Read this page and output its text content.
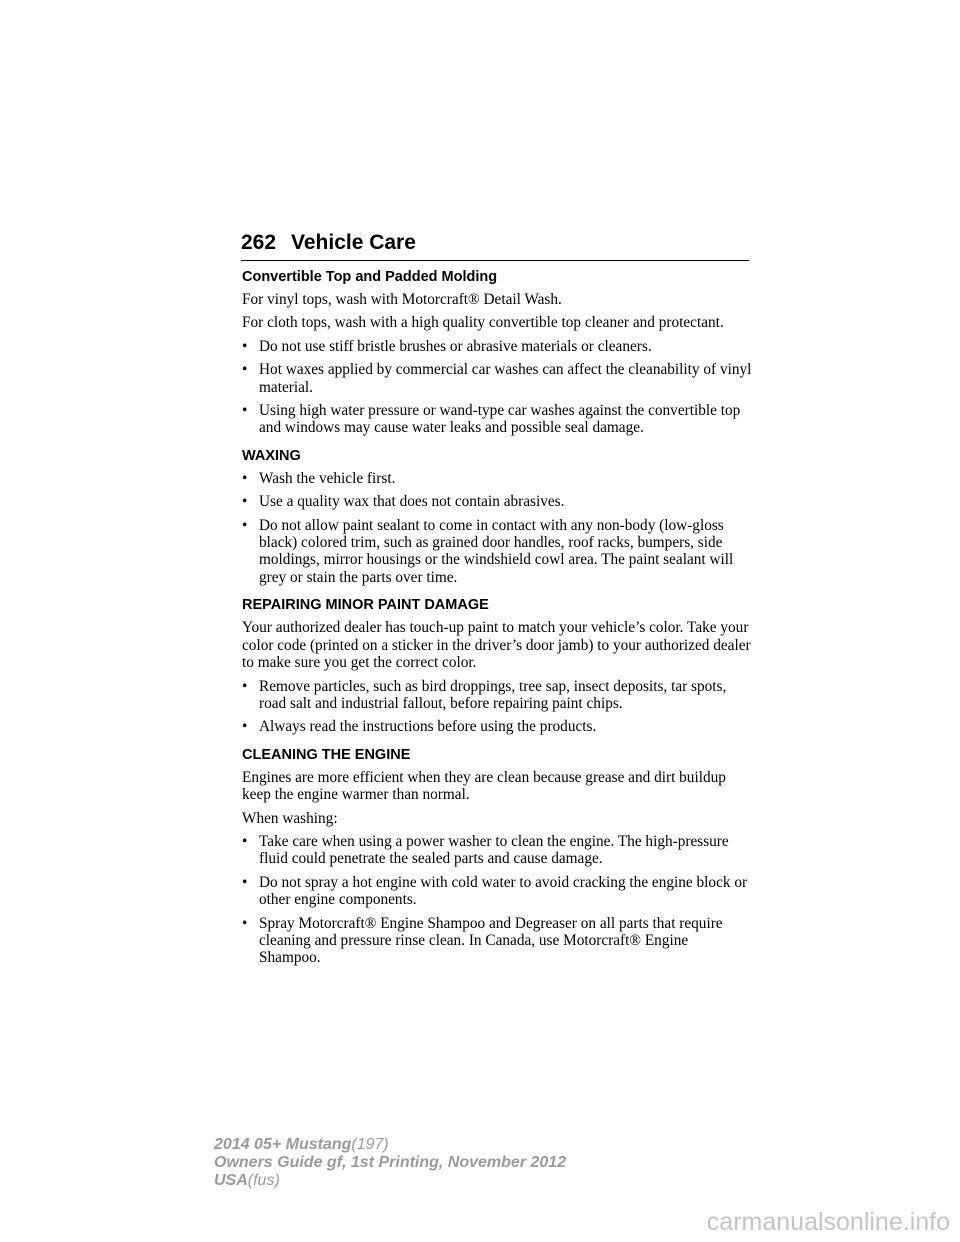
262 Vehicle Care
Convertible Top and Padded Molding

For vinyl tops, wash with Motorcraft® Detail Wash.

For cloth tops, wash with a high quality convertible top cleaner and protectant.

• Do not use stiff bristle brushes or abrasive materials or cleaners.
• Hot waxes applied by commercial car washes can affect the cleanability of vinyl material.
• Using high water pressure or wand-type car washes against the convertible top and windows may cause water leaks and possible seal damage.
WAXING
• Wash the vehicle first.
• Use a quality wax that does not contain abrasives.
• Do not allow paint sealant to come in contact with any non-body (low-gloss black) colored trim, such as grained door handles, roof racks, bumpers, side moldings, mirror housings or the windshield cowl area. The paint sealant will grey or stain the parts over time.
REPAIRING MINOR PAINT DAMAGE

Your authorized dealer has touch-up paint to match your vehicle’s color. Take your color code (printed on a sticker in the driver’s door jamb) to your authorized dealer to make sure you get the correct color.

• Remove particles, such as bird droppings, tree sap, insect deposits, tar spots, road salt and industrial fallout, before repairing paint chips.
• Always read the instructions before using the products.
CLEANING THE ENGINE

Engines are more efficient when they are clean because grease and dirt buildup keep the engine warmer than normal.

When washing:

• Take care when using a power washer to clean the engine. The high-pressure fluid could penetrate the sealed parts and cause damage.
• Do not spray a hot engine with cold water to avoid cracking the engine block or other engine components.
• Spray Motorcraft® Engine Shampoo and Degreaser on all parts that require cleaning and pressure rinse clean. In Canada, use Motorcraft® Engine Shampoo.
2014 05+ Mustang(197)
Owners Guide gf, 1st Printing, November 2012
USA(fus)
carmanualsonline.info
